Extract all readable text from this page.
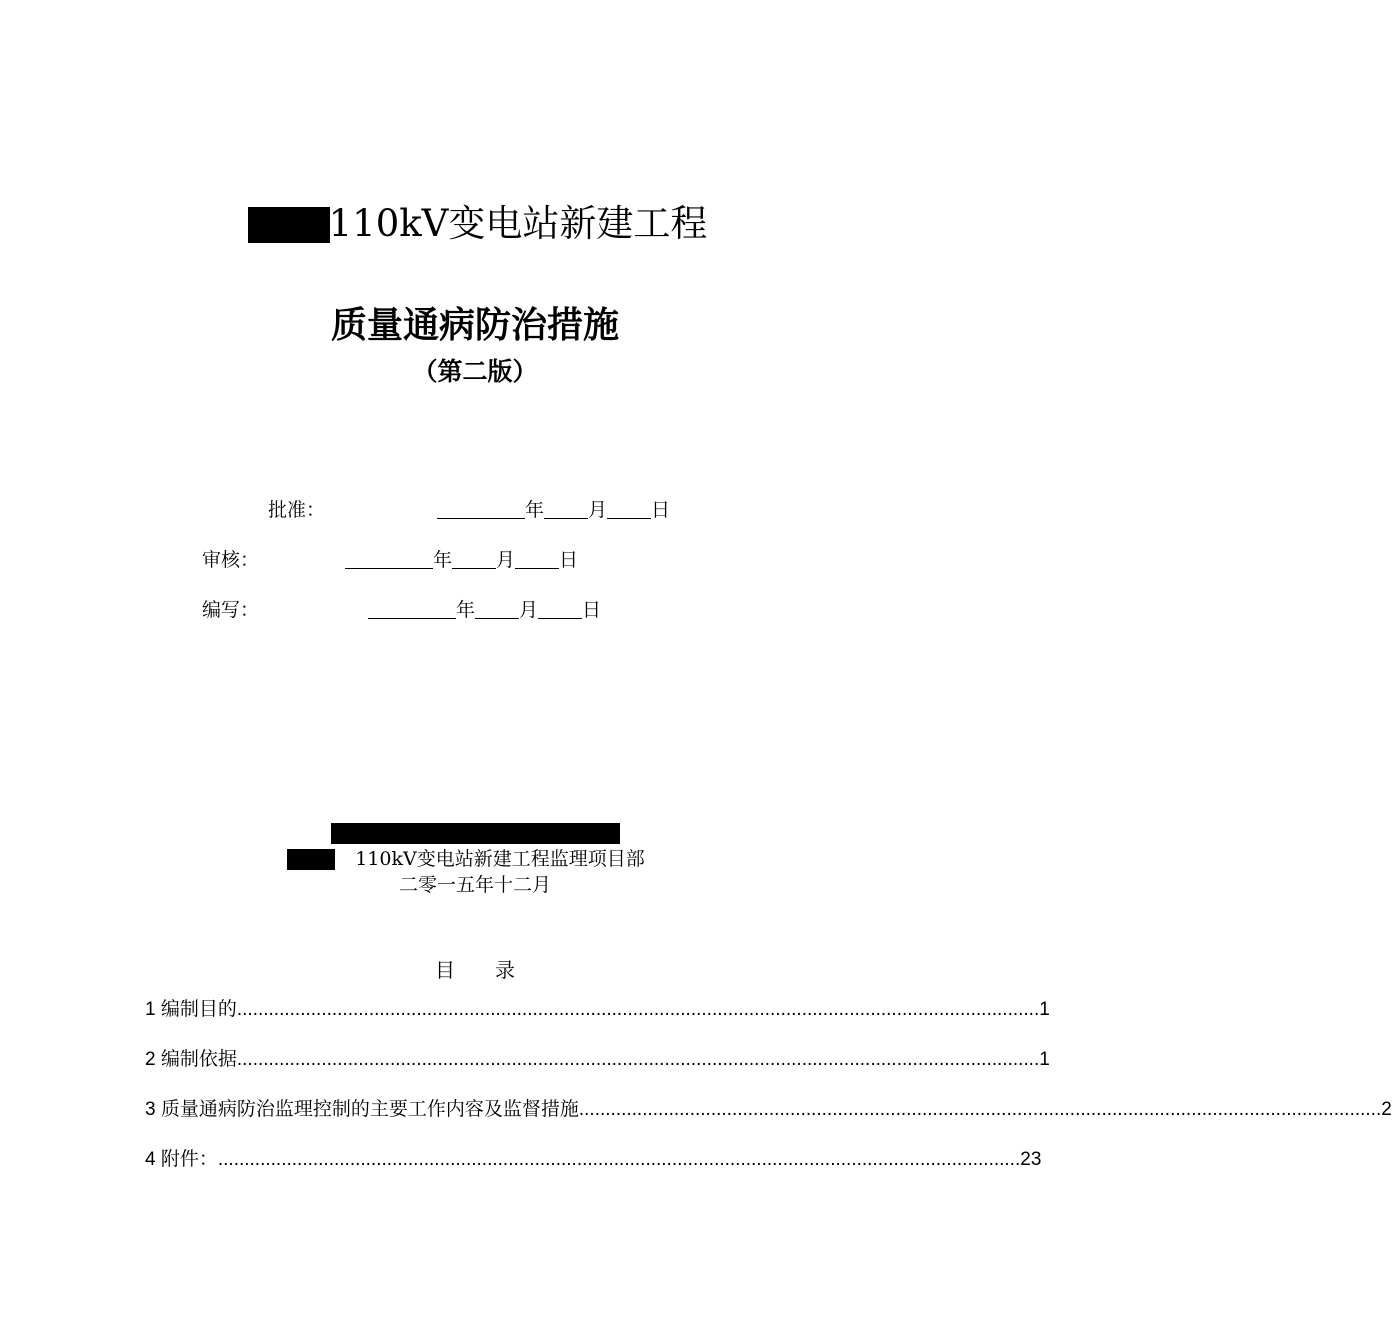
110kV变电站新建工程
质量通病防治措施
（第二版）
批准：	年 月 日
审核：	年 月 日
编写：	年 月 日
110kV变电站新建工程监理项目部
二零一五年十二月
目录
1 编制目的 ........................................................................................................................................................ 1
2 编制依据 ........................................................................................................................................................ 1
3 质量通病防治监理控制的主要工作内容及监督措施 ........................................................................................................................................................ 2
4 附件： ........................................................................................................................................................ 23
